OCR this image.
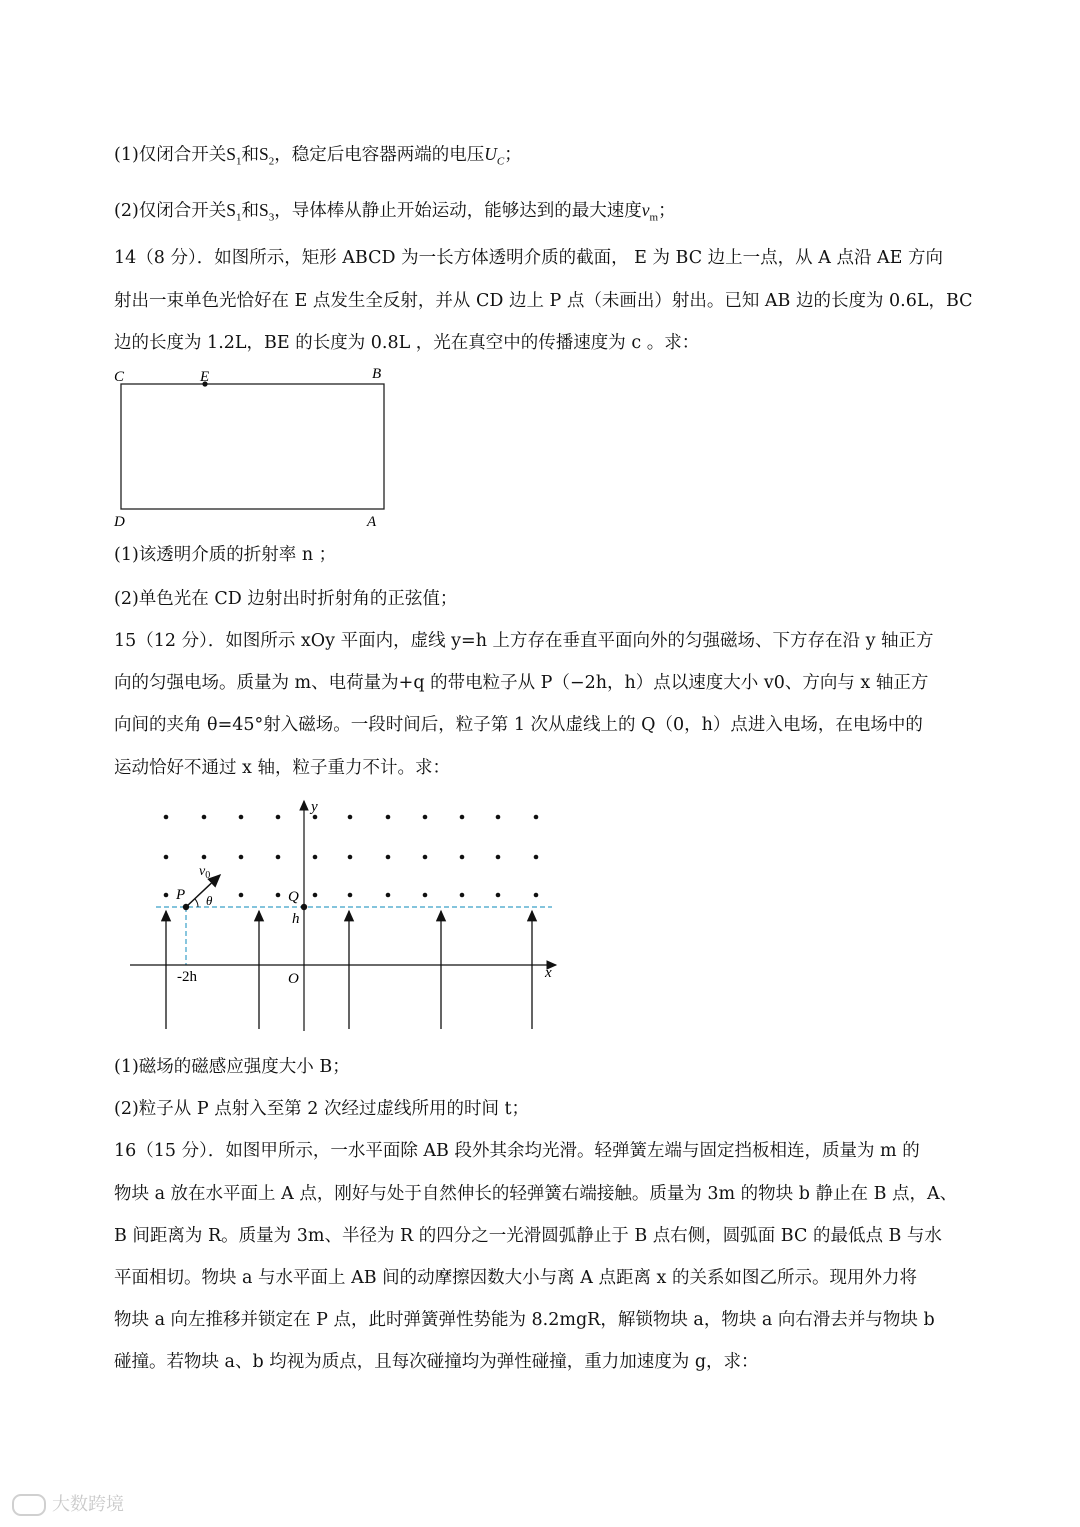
(1)仅闭合开关$S_1$和$S_2$，稳定后电容器两端的电压$U_C$；
(2)仅闭合开关$S_1$和$S_3$，导体棒从静止开始运动，能够达到的最大速度$v_m$；
14（8 分）．如图所示，矩形 ABCD 为一长方体透明介质的截面， E 为 BC 边上一点，从 A 点沿 AE 方向
射出一束单色光恰好在 E 点发生全反射，并从 CD 边上 P 点（未画出）射出。已知 AB 边的长度为 0.6L，BC
边的长度为 1.2L，BE 的长度为 0.8L ，光在真空中的传播速度为 c 。求：
C	E	B
D	A
(1)该透明介质的折射率 n ；
(2)单色光在 CD 边射出时折射角的正弦值；
15（12 分）．如图所示 xOy 平面内，虚线 y=h 上方存在垂直平面向外的匀强磁场、下方存在沿 y 轴正方
向的匀强电场。质量为 m、电荷量为+q 的带电粒子从 P（−2h，h）点以速度大小 v0、方向与 x 轴正方
向间的夹角 θ=45°射入磁场。一段时间后，粒子第 1 次从虚线上的 Q（0，h）点进入电场，在电场中的
运动恰好不通过 x 轴，粒子重力不计。求：
y
x
O
P	Q
h
-2h
$v_0$
θ
(1)磁场的磁感应强度大小 B；
(2)粒子从 P 点射入至第 2 次经过虚线所用的时间 t；
16（15 分）．如图甲所示，一水平面除 AB 段外其余均光滑。轻弹簧左端与固定挡板相连，质量为 m 的
物块 a 放在水平面上 A 点，刚好与处于自然伸长的轻弹簧右端接触。质量为 3m 的物块 b 静止在 B 点，A、
B 间距离为 R。质量为 3m、半径为 R 的四分之一光滑圆弧静止于 B 点右侧，圆弧面 BC 的最低点 B 与水
平面相切。物块 a 与水平面上 AB 间的动摩擦因数大小与离 A 点距离 x 的关系如图乙所示。现用外力将
物块 a 向左推移并锁定在 P 点，此时弹簧弹性势能为 8.2mgR，解锁物块 a，物块 a 向右滑去并与物块 b
碰撞。若物块 a、b 均视为质点，且每次碰撞均为弹性碰撞，重力加速度为 g，求：
大数跨境
